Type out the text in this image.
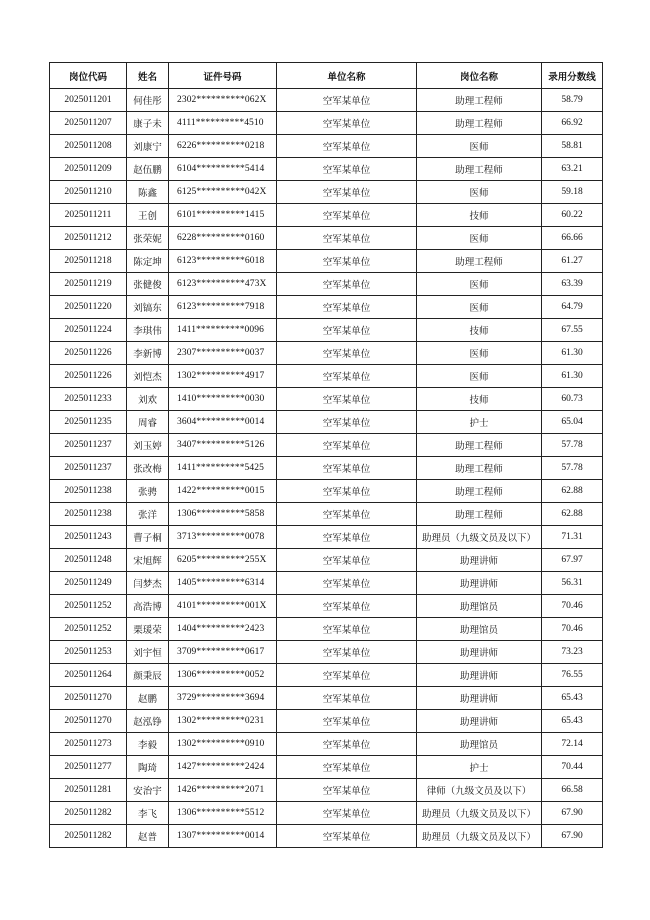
岗位代码	姓名	证件号码	单位名称	岗位名称	录用分数线
2025011201	何佳彤	2302**********062X	空军某单位	助理工程师	58.79
2025011207	康子未	4111**********4510	空军某单位	助理工程师	66.92
2025011208	刘康宁	6226**********0218	空军某单位	医师	58.81
2025011209	赵伍鹏	6104**********5414	空军某单位	助理工程师	63.21
2025011210	陈鑫	6125**********042X	空军某单位	医师	59.18
2025011211	王创	6101**********1415	空军某单位	技师	60.22
2025011212	张荣妮	6228**********0160	空军某单位	医师	66.66
2025011218	陈定坤	6123**********6018	空军某单位	助理工程师	61.27
2025011219	张健俊	6123**********473X	空军某单位	医师	63.39
2025011220	刘镐东	6123**********7918	空军某单位	医师	64.79
2025011224	李琪伟	1411**********0096	空军某单位	技师	67.55
2025011226	李新博	2307**********0037	空军某单位	医师	61.30
2025011226	刘恺杰	1302**********4917	空军某单位	医师	61.30
2025011233	刘欢	1410**********0030	空军某单位	技师	60.73
2025011235	周睿	3604**********0014	空军某单位	护士	65.04
2025011237	刘玉婷	3407**********5126	空军某单位	助理工程师	57.78
2025011237	张改梅	1411**********5425	空军某单位	助理工程师	57.78
2025011238	张骋	1422**********0015	空军某单位	助理工程师	62.88
2025011238	张洋	1306**********5858	空军某单位	助理工程师	62.88
2025011243	曹子桐	3713**********0078	空军某单位	助理员（九级文员及以下）	71.31
2025011248	宋旭辉	6205**********255X	空军某单位	助理讲师	67.97
2025011249	闫梦杰	1405**********6314	空军某单位	助理讲师	56.31
2025011252	高浩博	4101**********001X	空军某单位	助理馆员	70.46
2025011252	栗瑗荣	1404**********2423	空军某单位	助理馆员	70.46
2025011253	刘宇恒	3709**********0617	空军某单位	助理讲师	73.23
2025011264	颜秉辰	1306**********0052	空军某单位	助理讲师	76.55
2025011270	赵鹏	3729**********3694	空军某单位	助理讲师	65.43
2025011270	赵泓铮	1302**********0231	空军某单位	助理讲师	65.43
2025011273	李毅	1302**********0910	空军某单位	助理馆员	72.14
2025011277	陶琦	1427**********2424	空军某单位	护士	70.44
2025011281	安治宇	1426**********2071	空军某单位	律师（九级文员及以下）	66.58
2025011282	李飞	1306**********5512	空军某单位	助理员（九级文员及以下）	67.90
2025011282	赵普	1307**********0014	空军某单位	助理员（九级文员及以下）	67.90
